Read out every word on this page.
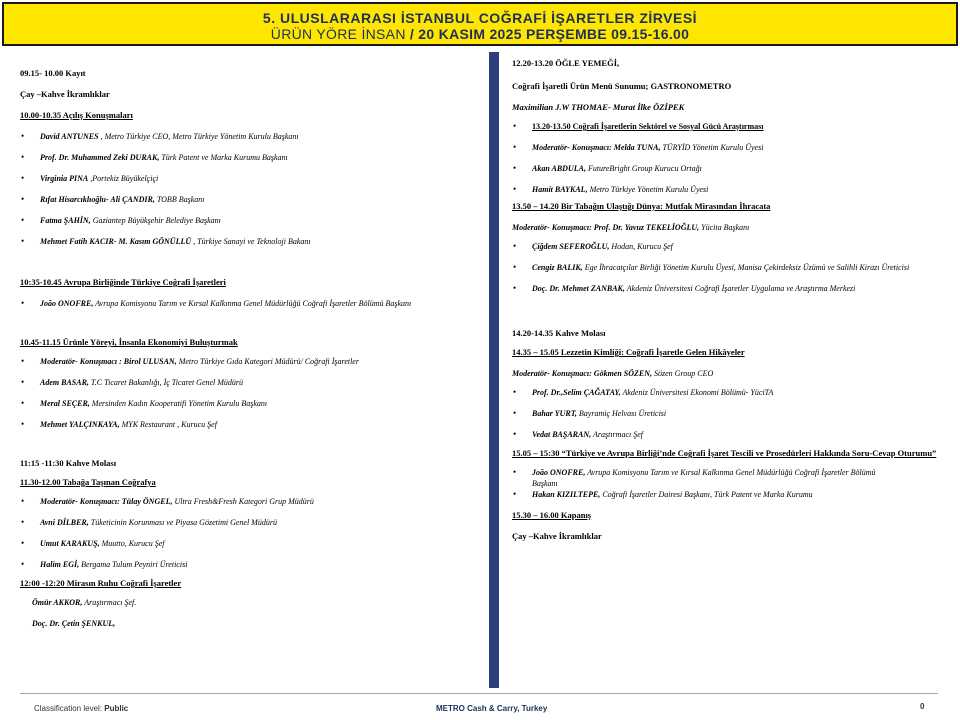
5. ULUSLARARASI İSTANBUL COĞRAFİ İŞARETLER ZİRVESİ
ÜRÜN YÖRE İNSAN / 20 KASIM 2025 PERŞEMBE 09.15-16.00
09.15- 10.00 Kayıt
Çay –Kahve İkramlıklar
10.00-10.35 Açılış Konuşmaları
• David ANTUNES , Metro Türkiye CEO, Metro Türkiye Yönetim Kurulu Başkanı
• Prof. Dr. Muhammed Zeki DURAK, Türk Patent ve Marka Kurumu Başkanı
• Virginia PINA ,Portekiz Büyükelçiçi
• Rıfat Hisarcıklıoğlu- Ali ÇANDIR, TOBB Başkanı
• Fatma ŞAHİN, Gaziantep Büyükşehir Belediye Başkanı
• Mehmet Fatih KACIR- M. Kasım GÖNÜLLÜ , Türkiye Sanayi ve Teknoloji Bakanı
10:35-10.45 Avrupa Birliğinde Türkiye Coğrafi İşaretleri
• João ONOFRE, Avrupa Komisyonu Tarım ve Kırsal Kalkınma Genel Müdürlüğü Coğrafi İşaretler Bölümü Başkanı
10.45-11.15 Ürünle Yöreyi, İnsanla Ekonomiyi Buluşturmak
• Moderatör- Konuşmacı : Birol ULUSAN, Metro Türkiye Gıda Kategori Müdürü/ Coğrafi İşaretler
• Adem BASAR, T.C Ticaret Bakanlığı, İç Ticaret Genel Müdürü
• Meral SEÇER, Mersinden Kadın Kooperatifi Yönetim Kurulu Başkanı
• Mehmet YALÇINKAYA, MYK Restaurant , Kurucu Şef
11:15 -11:30 Kahve Molası
11.30-12.00 Tabağa Taşınan Coğrafya
• Moderatör- Konuşmacı: Tülay ÖNGEL, Ultra Fresh&Fresh Kategori Grup Müdürü
• Avni DİLBER, Tüketicinin Korunması ve Piyasa Gözetimi Genel Müdürü
• Umut KARAKUŞ, Muutto, Kurucu Şef
• Halim EGİ, Bergama Tulum Peyniri Üreticisi
12:00 -12:20 Mirasın Ruhu Coğrafi İşaretler
Ömür AKKOR, Araştırmacı Şef.
Doç. Dr. Çetin ŞENKUL,
12.20-13.20 ÖĞLE YEMEĞİ,
Coğrafi İşaretli Ürün Menü Sunumu; GASTRONOMETRO
Maximilian J.W THOMAE- Murat İlke ÖZİPEK
• 13.20-13.50 Coğrafi İşaretlerin Sektörel ve Sosyal Gücü Araştırması
• Moderatör- Konuşmacı: Melda TUNA, TÜRYİD Yönetim Kurulu Üyesi
• Akan ABDULA, FutureBright Group Kurucu Ortağı
• Hamit BAYKAL, Metro Türkiye Yönetim Kurulu Üyesi
13.50 – 14.20 Bir Tabağın Ulaştığı Dünya: Mutfak Mirasından İhracata
Moderatör- Konuşmacı: Prof. Dr. Yavuz TEKELİOĞLU, Yücita Başkanı
• Çiğdem SEFEROĞLU, Hodan, Kurucu Şef
• Cengiz BALIK, Ege İhracatçılar Birliği Yönetim Kurulu Üyesi, Manisa Çekirdeksiz Üzümü ve Salihli Kirazı Üreticisi
• Doç. Dr. Mehmet ZANBAK, Akdeniz Üniversitesi Coğrafi İşaretler Uygulama ve Araştırma Merkezi
14.20-14.35 Kahve Molası
14.35 – 15.05 Lezzetin Kimliği: Coğrafi İşaretle Gelen Hikâyeler
Moderatör- Konuşmacı: Gökmen SÖZEN, Sözen Group CEO
• Prof. Dr.,Selim ÇAĞATAY, Akdeniz Üniversitesi Ekonomi Bölümü- YüciTA
• Bahar YURT, Bayramiç Helvası Üreticisi
• Vedat BAŞARAN, Araştırmacı Şef
15.05 – 15:30 “Türkiye ve Avrupa Birliği’nde Coğrafi İşaret Tescili ve Prosedürleri Hakkında Soru-Cevap Oturumu”
• João ONOFRE, Avrupa Komisyonu Tarım ve Kırsal Kalkınma Genel Müdürlüğü Coğrafi İşaretler Bölümü Başkanı
• Hakan KIZILTEPE, Coğrafi İşaretler Dairesi Başkanı, Türk Patent ve Marka Kurumu
15.30 – 16.00 Kapanış
Çay –Kahve İkramlıklar
Classification level: Public	METRO Cash & Carry, Turkey	0
